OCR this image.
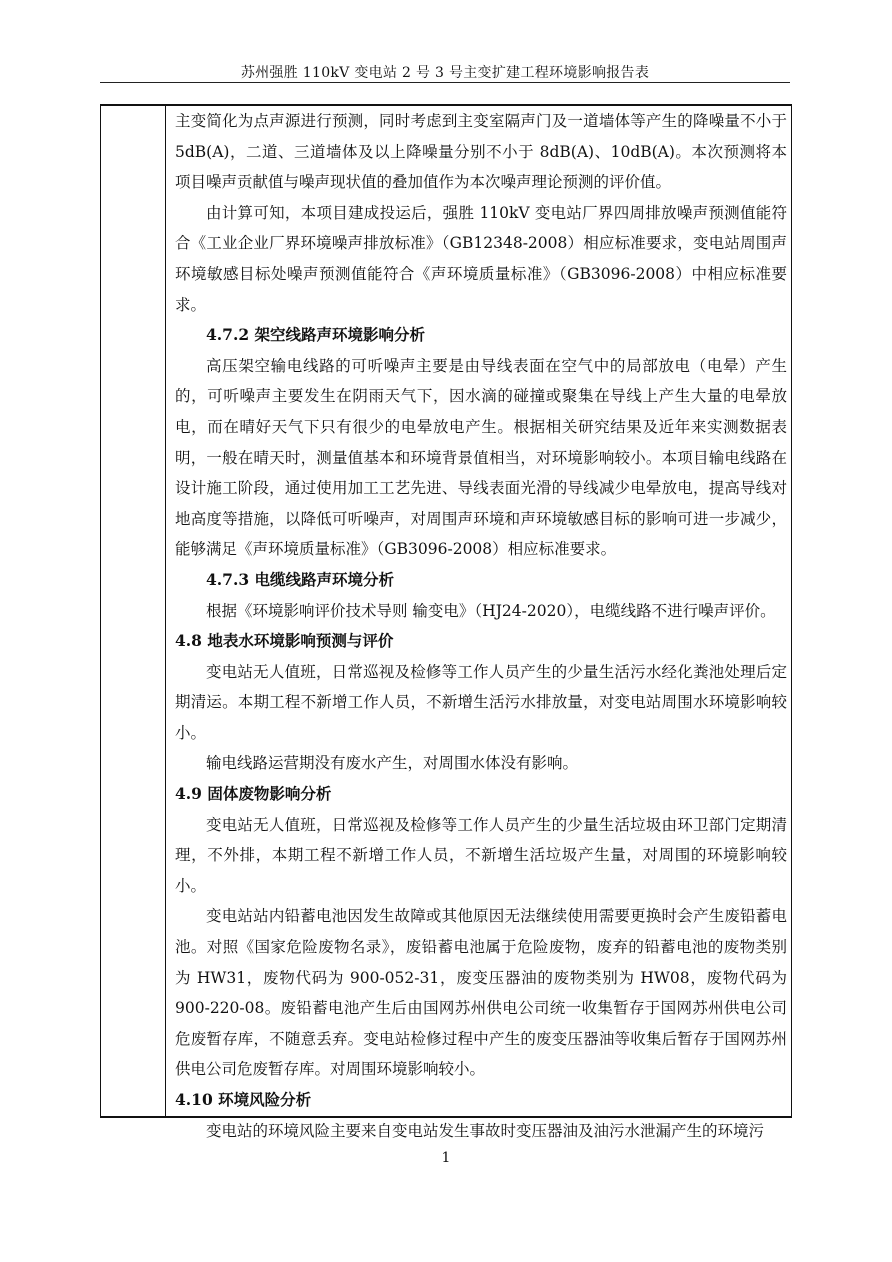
苏州强胜 110kV 变电站 2 号 3 号主变扩建工程环境影响报告表

主变简化为点声源进行预测，同时考虑到主变室隔声门及一道墙体等产生的降噪量不小于5dB(A)，二道、三道墙体及以上降噪量分别不小于 8dB(A)、10dB(A)。本次预测将本项目噪声贡献值与噪声现状值的叠加值作为本次噪声理论预测的评价值。

由计算可知，本项目建成投运后，强胜 110kV 变电站厂界四周排放噪声预测值能符合《工业企业厂界环境噪声排放标准》（GB12348-2008）相应标准要求，变电站周围声环境敏感目标处噪声预测值能符合《声环境质量标准》（GB3096-2008）中相应标准要求。

4.7.2 架空线路声环境影响分析

高压架空输电线路的可听噪声主要是由导线表面在空气中的局部放电（电晕）产生的，可听噪声主要发生在阴雨天气下，因水滴的碰撞或聚集在导线上产生大量的电晕放电，而在晴好天气下只有很少的电晕放电产生。根据相关研究结果及近年来实测数据表明，一般在晴天时，测量值基本和环境背景值相当，对环境影响较小。本项目输电线路在设计施工阶段，通过使用加工工艺先进、导线表面光滑的导线减少电晕放电，提高导线对地高度等措施，以降低可听噪声，对周围声环境和声环境敏感目标的影响可进一步减少，能够满足《声环境质量标准》（GB3096-2008）相应标准要求。

4.7.3 电缆线路声环境分析

根据《环境影响评价技术导则 输变电》（HJ24-2020），电缆线路不进行噪声评价。

4.8 地表水环境影响预测与评价

变电站无人值班，日常巡视及检修等工作人员产生的少量生活污水经化粪池处理后定期清运。本期工程不新增工作人员，不新增生活污水排放量，对变电站周围水环境影响较小。

输电线路运营期没有废水产生，对周围水体没有影响。

4.9 固体废物影响分析

变电站无人值班，日常巡视及检修等工作人员产生的少量生活垃圾由环卫部门定期清理，不外排，本期工程不新增工作人员，不新增生活垃圾产生量，对周围的环境影响较小。

变电站站内铅蓄电池因发生故障或其他原因无法继续使用需要更换时会产生废铅蓄电池。对照《国家危险废物名录》，废铅蓄电池属于危险废物，废弃的铅蓄电池的废物类别为 HW31，废物代码为 900-052-31，废变压器油的废物类别为 HW08，废物代码为 900-220-08。废铅蓄电池产生后由国网苏州供电公司统一收集暂存于国网苏州供电公司危废暂存库，不随意丢弃。变电站检修过程中产生的废变压器油等收集后暂存于国网苏州供电公司危废暂存库。对周围环境影响较小。

4.10 环境风险分析

变电站的环境风险主要来自变电站发生事故时变压器油及油污水泄漏产生的环境污

1
